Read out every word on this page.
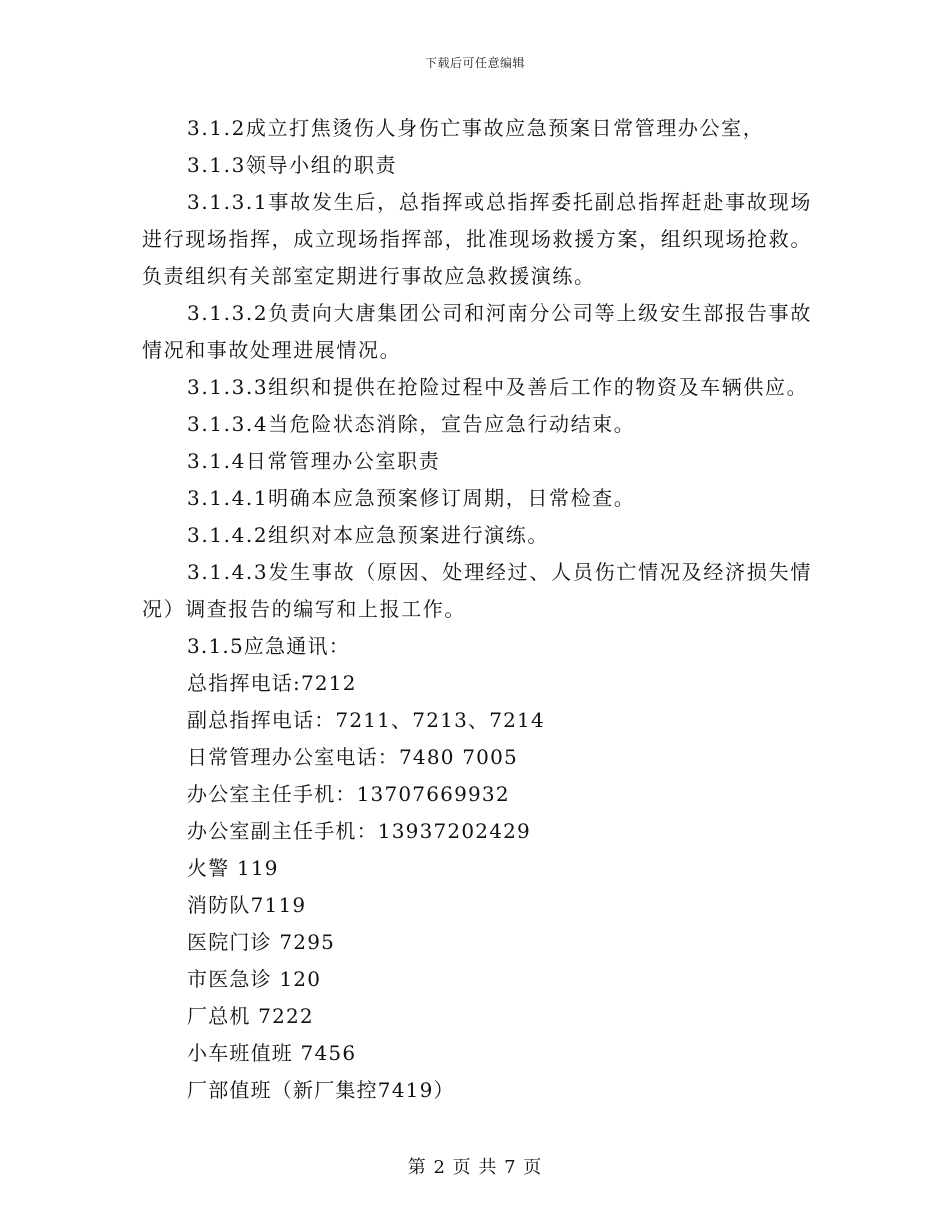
下载后可任意编辑

3.1.2成立打焦烫伤人身伤亡事故应急预案日常管理办公室，

3.1.3领导小组的职责

3.1.3.1事故发生后，总指挥或总指挥委托副总指挥赶赴事故现场进行现场指挥，成立现场指挥部，批准现场救援方案，组织现场抢救。负责组织有关部室定期进行事故应急救援演练。

3.1.3.2负责向大唐集团公司和河南分公司等上级安生部报告事故情况和事故处理进展情况。

3.1.3.3组织和提供在抢险过程中及善后工作的物资及车辆供应。

3.1.3.4当危险状态消除，宣告应急行动结束。

3.1.4日常管理办公室职责

3.1.4.1明确本应急预案修订周期，日常检查。

3.1.4.2组织对本应急预案进行演练。

3.1.4.3发生事故（原因、处理经过、人员伤亡情况及经济损失情况）调查报告的编写和上报工作。

3.1.5应急通讯：

总指挥电话:7212

副总指挥电话：7211、7213、7214

日常管理办公室电话：7480 7005

办公室主任手机：13707669932

办公室副主任手机：13937202429

火警 119

消防队7119

医院门诊 7295

市医急诊 120

厂总机 7222

小车班值班 7456

厂部值班（新厂集控7419）

第 2 页 共 7 页
